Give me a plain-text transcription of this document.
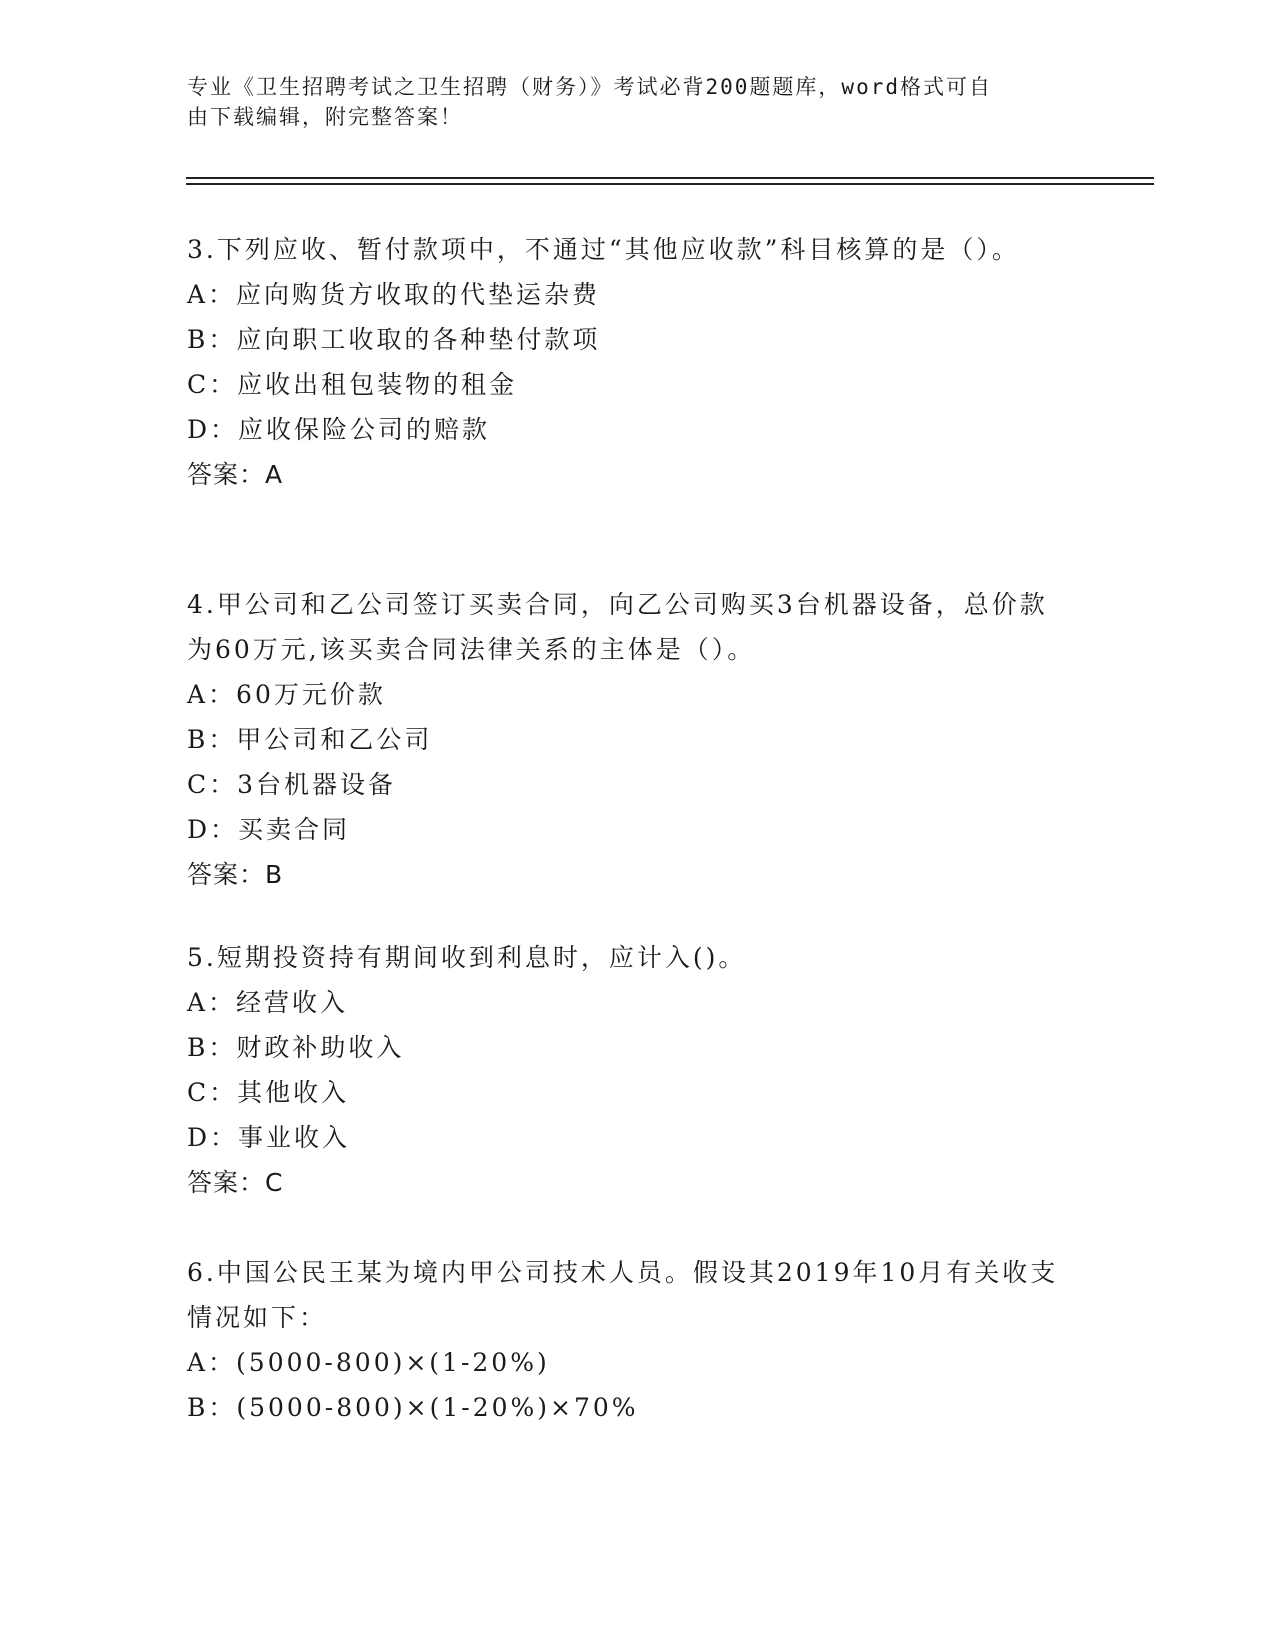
专业《卫生招聘考试之卫生招聘（财务）》考试必背200题题库，word格式可自
由下载编辑，附完整答案！

3.下列应收、暂付款项中，不通过“其他应收款”科目核算的是（）。

A：应向购货方收取的代垫运杂费

B：应向职工收取的各种垫付款项

C：应收出租包装物的租金

D：应收保险公司的赔款

答案：A

4.甲公司和乙公司签订买卖合同，向乙公司购买3台机器设备，总价款为60万元,该买卖合同法律关系的主体是（）。

A：60万元价款

B：甲公司和乙公司

C：3台机器设备

D：买卖合同

答案：B

5.短期投资持有期间收到利息时，应计入()。

A：经营收入

B：财政补助收入

C：其他收入

D：事业收入

答案：C

6.中国公民王某为境内甲公司技术人员。假设其2019年10月有关收支情况如下：

A：(5000-800)×(1-20%)

B：(5000-800)×(1-20%)×70%
